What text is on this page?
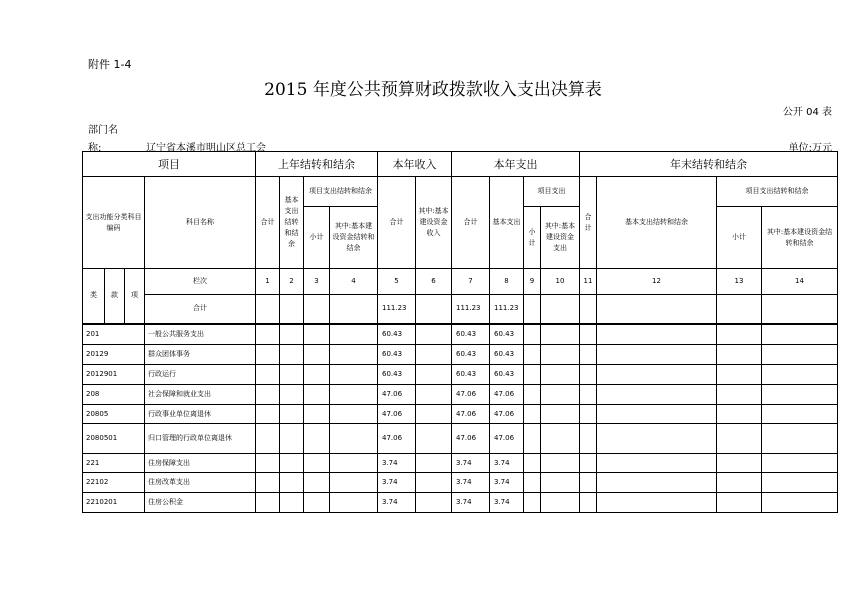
附件 1-4
2015 年度公共预算财政拨款收入支出决算表
公开 04 表
部门名
称:	辽宁省本溪市明山区总工会	单位:万元
项目				上年结转和结余				本年收入		本年支出				年末结转和结余			
支出功能分类科目编码			科目名称	合计	基本支出结转和结余	项目支出结转和结余		合计	其中:基本建设资金收入	合计	基本支出	项目支出		合计	基本支出结转和结余	项目支出结转和结余	
						小计	其中:基本建设资金结转和结余					小计	其中:基本建设资金支出			小计	其中:基本建设资金结转和结余
类	款	项	栏次	1	2	3	4	5	6	7	8	9	10	11	12	13	14
			合计					111.23		111.23	111.23						
201			一般公共服务支出					60.43		60.43	60.43						
20129			群众团体事务					60.43		60.43	60.43						
2012901			行政运行					60.43		60.43	60.43						
208			社会保障和就业支出					47.06		47.06	47.06						
20805			行政事业单位离退休					47.06		47.06	47.06						
2080501			归口管理的行政单位离退休					47.06		47.06	47.06						
221			住房保障支出					3.74		3.74	3.74						
22102			住房改革支出					3.74		3.74	3.74						
2210201			住房公积金					3.74		3.74	3.74						
